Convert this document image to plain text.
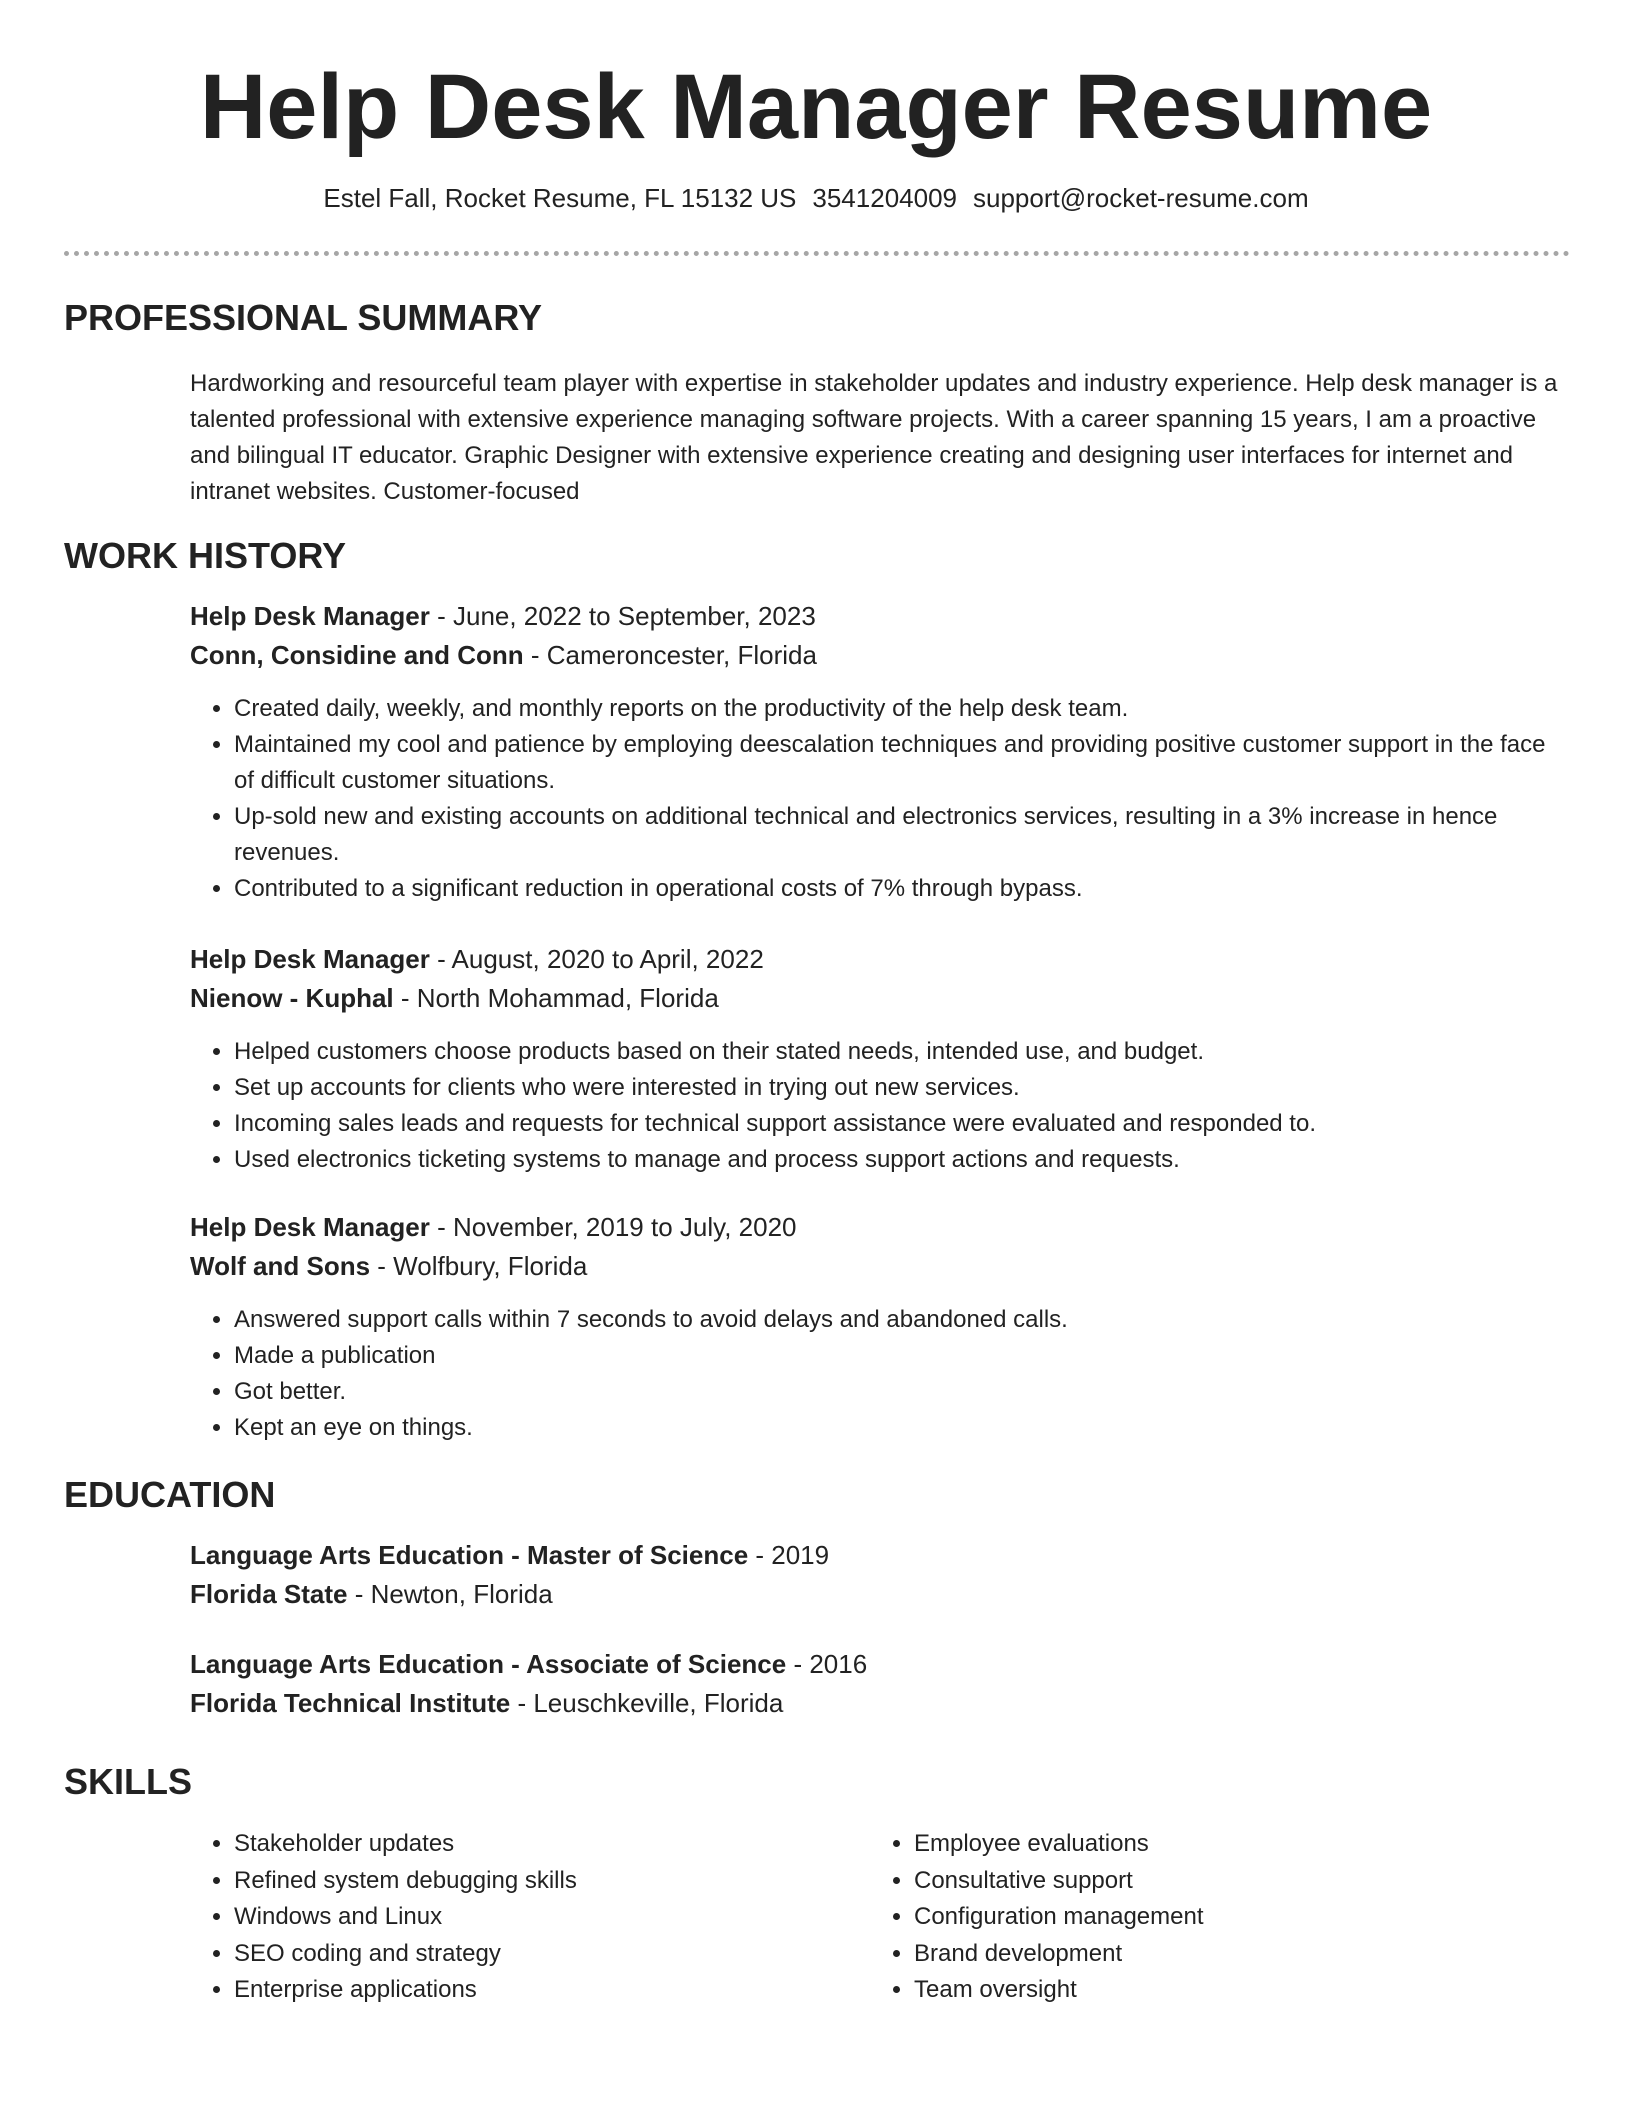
Help Desk Manager Resume
Estel Fall, Rocket Resume, FL 15132 US 3541204009 support@rocket-resume.com
PROFESSIONAL SUMMARY

Hardworking and resourceful team player with expertise in stakeholder updates and industry experience. Help desk manager is a talented professional with extensive experience managing software projects. With a career spanning 15 years, I am a proactive and bilingual IT educator. Graphic Designer with extensive experience creating and designing user interfaces for internet and intranet websites. Customer-focused

WORK HISTORY
Help Desk Manager - June, 2022 to September, 2023
Conn, Considine and Conn - Cameroncester, Florida
• Created daily, weekly, and monthly reports on the productivity of the help desk team.
• Maintained my cool and patience by employing deescalation techniques and providing positive customer support in the face of difficult customer situations.
• Up-sold new and existing accounts on additional technical and electronics services, resulting in a 3% increase in hence revenues.
• Contributed to a significant reduction in operational costs of 7% through bypass.
Help Desk Manager - August, 2020 to April, 2022
Nienow - Kuphal - North Mohammad, Florida
• Helped customers choose products based on their stated needs, intended use, and budget.
• Set up accounts for clients who were interested in trying out new services.
• Incoming sales leads and requests for technical support assistance were evaluated and responded to.
• Used electronics ticketing systems to manage and process support actions and requests.
Help Desk Manager - November, 2019 to July, 2020
Wolf and Sons - Wolfbury, Florida
• Answered support calls within 7 seconds to avoid delays and abandoned calls.
• Made a publication
• Got better.
• Kept an eye on things.
EDUCATION
Language Arts Education - Master of Science - 2019
Florida State - Newton, Florida
Language Arts Education - Associate of Science - 2016
Florida Technical Institute - Leuschkeville, Florida
SKILLS
• Stakeholder updates
• Refined system debugging skills
• Windows and Linux
• SEO coding and strategy
• Enterprise applications
• Employee evaluations
• Consultative support
• Configuration management
• Brand development
• Team oversight
